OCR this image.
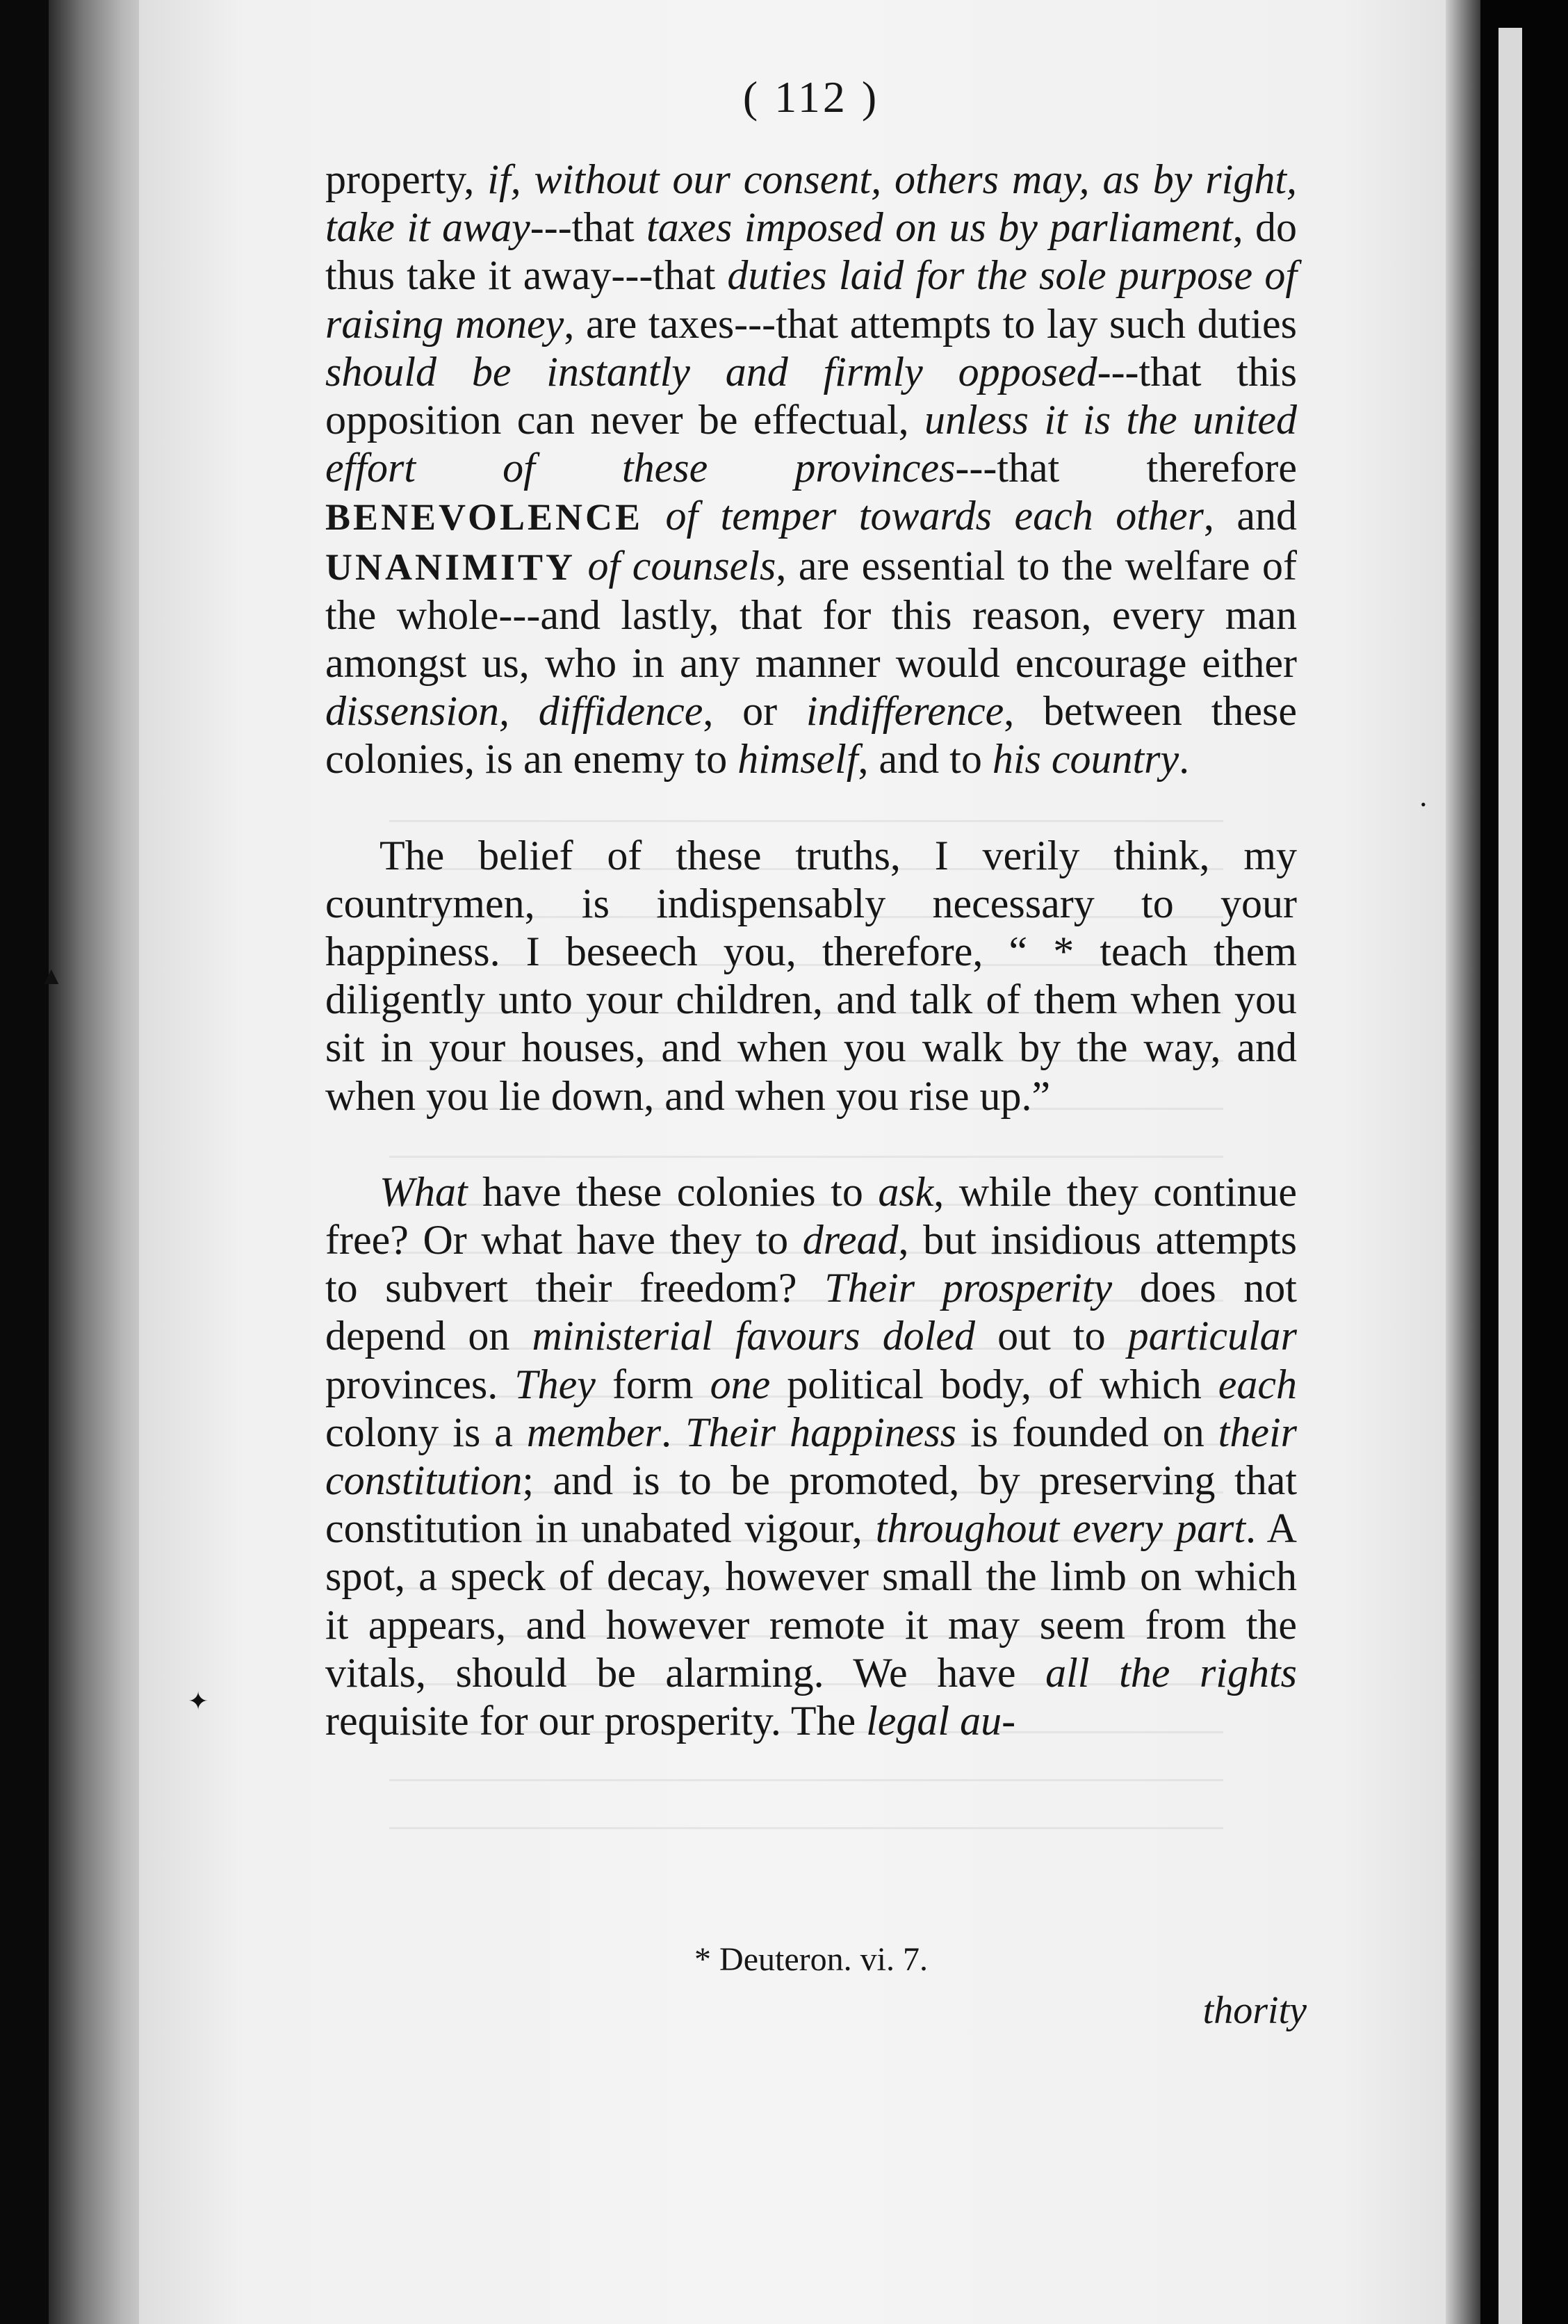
▲
✦
•
( 112 )

property, if, without our consent, others may, as by right, take it away---that taxes imposed on us by parliament, do thus take it away---that duties laid for the sole purpose of raising money, are taxes---that attempts to lay such duties should be instantly and firmly opposed---that this opposition can never be effectual, unless it is the united effort of these provinces---that therefore BENEVOLENCE of temper towards each other, and UNANIMITY of counsels, are essential to the welfare of the whole---and lastly, that for this reason, every man amongst us, who in any manner would encourage either dissension, diffidence, or indifference, between these colonies, is an enemy to himself, and to his country.

The belief of these truths, I verily think, my countrymen, is indispensably necessary to your happiness. I beseech you, therefore, “ * teach them diligently unto your children, and talk of them when you sit in your houses, and when you walk by the way, and when you lie down, and when you rise up.”

What have these colonies to ask, while they continue free? Or what have they to dread, but insidious attempts to subvert their freedom? Their prosperity does not depend on ministerial favours doled out to particular provinces. They form one political body, of which each colony is a member. Their happiness is founded on their constitution; and is to be promoted, by preserving that constitution in unabated vigour, throughout every part. A spot, a speck of decay, however small the limb on which it appears, and however remote it may seem from the vitals, should be alarming. We have all the rights requisite for our prosperity. The legal au-

* Deuteron. vi. 7.
thority
